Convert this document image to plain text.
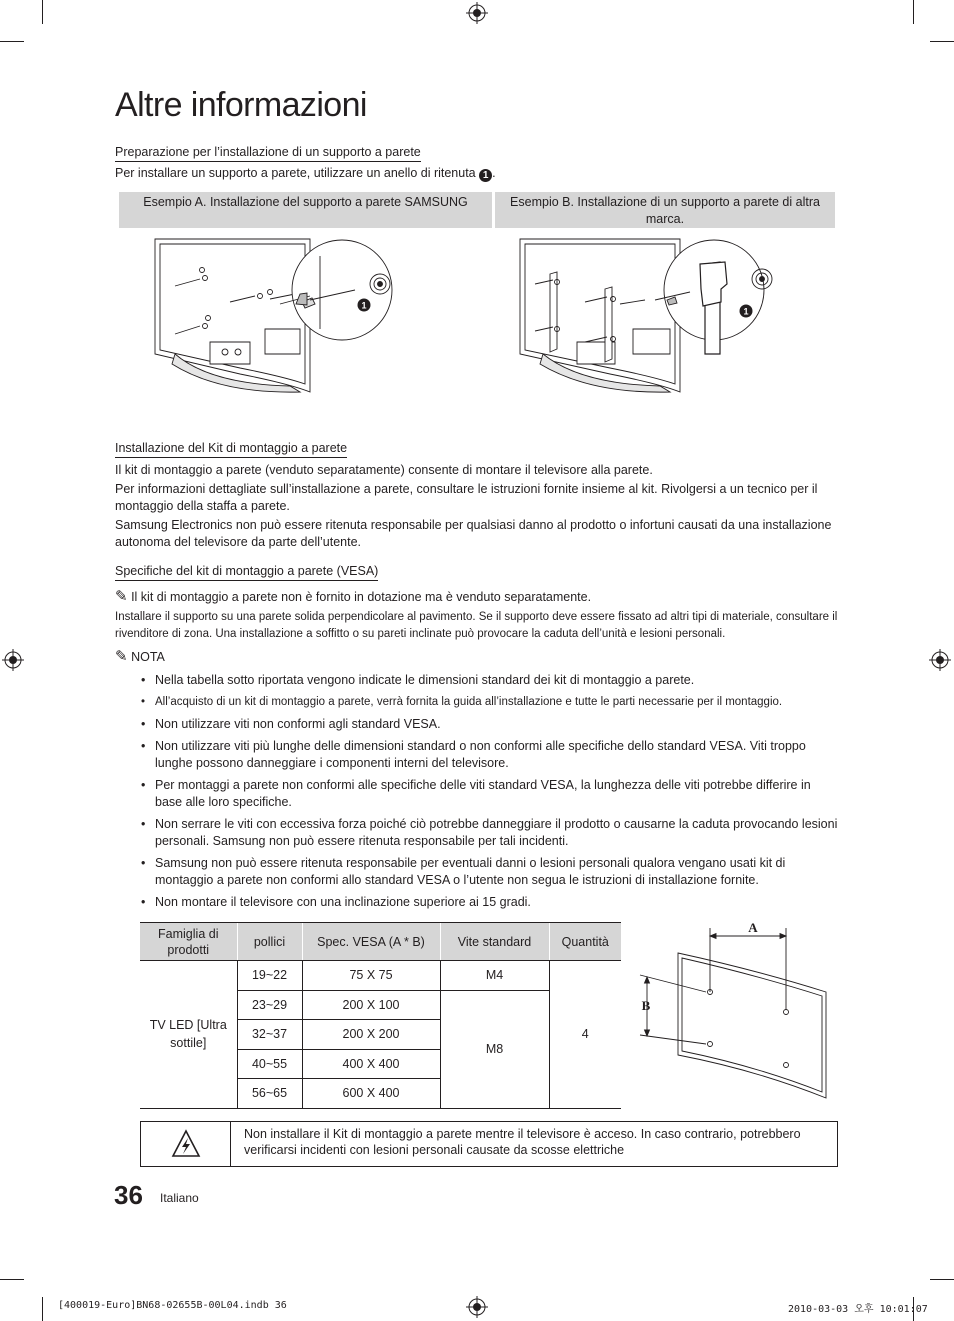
Altre informazioni
Preparazione per l’installazione di un supporto a parete
Per installare un supporto a parete, utilizzare un anello di ritenuta 1 .
Esempio A. Installazione del supporto a parete SAMSUNG	Esempio B. Installazione di un supporto a parete di altra marca.
1
1
Installazione del Kit di montaggio a parete
Il kit di montaggio a parete (venduto separatamente) consente di montare il televisore alla parete.
Per informazioni dettagliate sull’installazione a parete, consultare le istruzioni fornite insieme al kit. Rivolgersi a un tecnico per il montaggio della staffa a parete.
Samsung Electronics non può essere ritenuta responsabile per qualsiasi danno al prodotto o infortuni causati da una installazione autonoma del televisore da parte dell’utente.
Specifiche del kit di montaggio a parete (VESA)
✎ Il kit di montaggio a parete non è fornito in dotazione ma è venduto separatamente.
Installare il supporto su una parete solida perpendicolare al pavimento. Se il supporto deve essere fissato ad altri tipi di materiale, consultare il rivenditore di zona. Una installazione a soffitto o su pareti inclinate può provocare la caduta dell’unità e lesioni personali.
✎ NOTA
• Nella tabella sotto riportata vengono indicate le dimensioni standard dei kit di montaggio a parete.
• All’acquisto di un kit di montaggio a parete, verrà fornita la guida all’installazione e tutte le parti necessarie per il montaggio.
• Non utilizzare viti non conformi agli standard VESA.
• Non utilizzare viti più lunghe delle dimensioni standard o non conformi alle specifiche dello standard VESA. Viti troppo lunghe possono danneggiare i componenti interni del televisore.
• Per montaggi a parete non conformi alle specifiche delle viti standard VESA, la lunghezza delle viti potrebbe differire in base alle loro specifiche.
• Non serrare le viti con eccessiva forza poiché ciò potrebbe danneggiare il prodotto o causarne la caduta provocando lesioni personali. Samsung non può essere ritenuta responsabile per tali incidenti.
• Samsung non può essere ritenuta responsabile per eventuali danni o lesioni personali qualora vengano usati kit di montaggio a parete non conformi allo standard VESA o l’utente non segua le istruzioni di installazione fornite.
• Non montare il televisore con una inclinazione superiore ai 15 gradi.
Famiglia di prodotti	pollici	Spec. VESA (A * B)	Vite standard	Quantità
TV LED [Ultra sottile]	19~22	75 X 75	M4	4
	23~29	200 X 100	M8	
	32~37	200 X 200		
	40~55	400 X 400		
	56~65	600 X 400		
A
B
Non installare il Kit di montaggio a parete mentre il televisore è acceso. In caso contrario, potrebbero verificarsi incidenti con lesioni personali causate da scosse elettriche
36 Italiano
[400019-Euro]BN68-02655B-00L04.indb 36	2010-03-03 오후 10:01:07
